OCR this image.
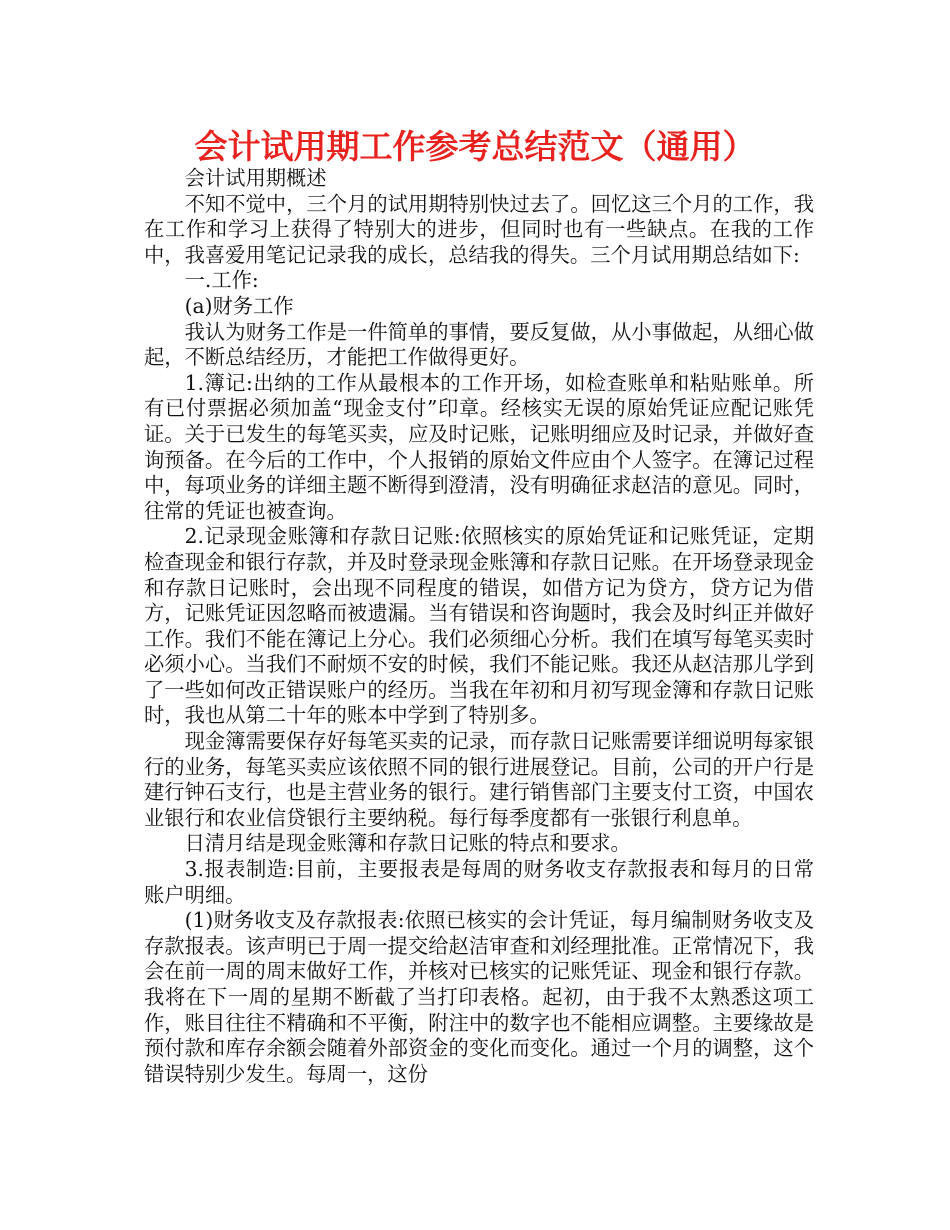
会计试用期工作参考总结范文（通用）

会计试用期概述

不知不觉中，三个月的试用期特别快过去了。回忆这三个月的工作，我在工作和学习上获得了特别大的进步，但同时也有一些缺点。在我的工作中，我喜爱用笔记记录我的成长，总结我的得失。三个月试用期总结如下:

一.工作:

(a)财务工作

我认为财务工作是一件简单的事情，要反复做，从小事做起，从细心做起，不断总结经历，才能把工作做得更好。

1.簿记:出纳的工作从最根本的工作开场，如检查账单和粘贴账单。所有已付票据必须加盖“现金支付”印章。经核实无误的原始凭证应配记账凭证。关于已发生的每笔买卖，应及时记账，记账明细应及时记录，并做好查询预备。在今后的工作中，个人报销的原始文件应由个人签字。在簿记过程中，每项业务的详细主题不断得到澄清，没有明确征求赵洁的意见。同时，往常的凭证也被查询。

2.记录现金账簿和存款日记账:依照核实的原始凭证和记账凭证，定期检查现金和银行存款，并及时登录现金账簿和存款日记账。在开场登录现金和存款日记账时，会出现不同程度的错误，如借方记为贷方，贷方记为借方，记账凭证因忽略而被遗漏。当有错误和咨询题时，我会及时纠正并做好工作。我们不能在簿记上分心。我们必须细心分析。我们在填写每笔买卖时必须小心。当我们不耐烦不安的时候，我们不能记账。我还从赵洁那儿学到了一些如何改正错误账户的经历。当我在年初和月初写现金簿和存款日记账时，我也从第二十年的账本中学到了特别多。

现金簿需要保存好每笔买卖的记录，而存款日记账需要详细说明每家银行的业务，每笔买卖应该依照不同的银行进展登记。目前，公司的开户行是建行钟石支行，也是主营业务的银行。建行销售部门主要支付工资，中国农业银行和农业信贷银行主要纳税。每行每季度都有一张银行利息单。

日清月结是现金账簿和存款日记账的特点和要求。

3.报表制造:目前，主要报表是每周的财务收支存款报表和每月的日常账户明细。

(1)财务收支及存款报表:依照已核实的会计凭证，每月编制财务收支及存款报表。该声明已于周一提交给赵洁审查和刘经理批准。正常情况下，我会在前一周的周末做好工作，并核对已核实的记账凭证、现金和银行存款。我将在下一周的星期不断截了当打印表格。起初，由于我不太熟悉这项工作，账目往往不精确和不平衡，附注中的数字也不能相应调整。主要缘故是预付款和库存余额会随着外部资金的变化而变化。通过一个月的调整，这个错误特别少发生。每周一，这份
